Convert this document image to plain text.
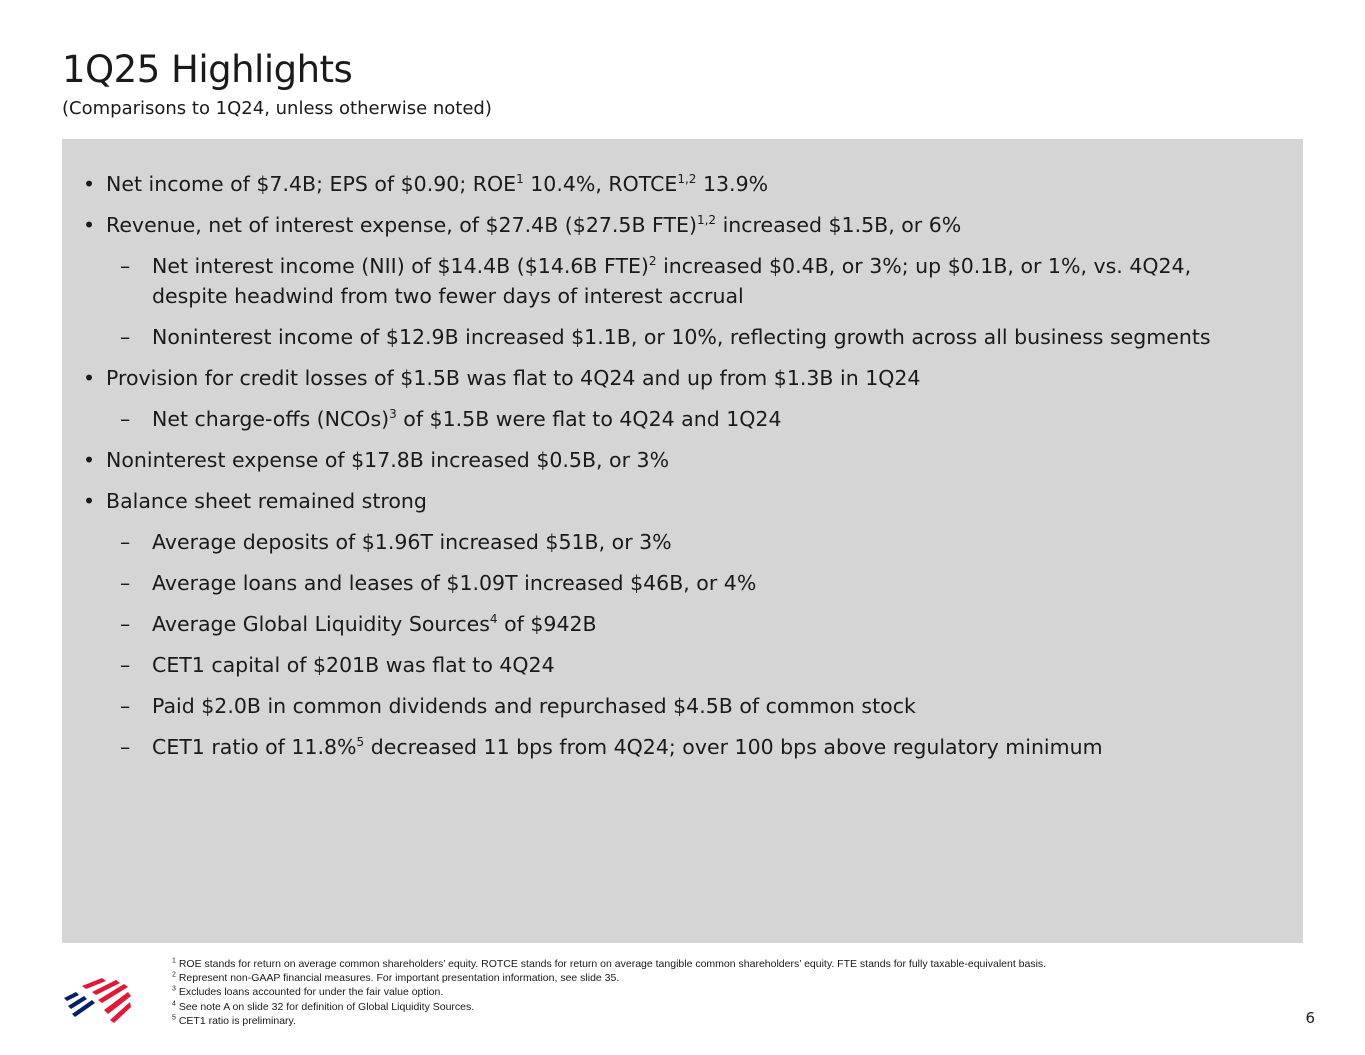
1Q25 Highlights
(Comparisons to 1Q24, unless otherwise noted)
• Net income of $7.4B; EPS of $0.90; ROE$^1$ 10.4%, ROTCE$^{1,2}$ 13.9%
• Revenue, net of interest expense, of $27.4B ($27.5B FTE)$^{1,2}$ increased $1.5B, or 6%
– Net interest income (NII) of $14.4B ($14.6B FTE)$^2$ increased $0.4B, or 3%; up $0.1B, or 1%, vs. 4Q24, despite headwind from two fewer days of interest accrual
– Noninterest income of $12.9B increased $1.1B, or 10%, reflecting growth across all business segments
• Provision for credit losses of $1.5B was flat to 4Q24 and up from $1.3B in 1Q24
– Net charge-offs (NCOs)$^3$ of $1.5B were flat to 4Q24 and 1Q24
• Noninterest expense of $17.8B increased $0.5B, or 3%
• Balance sheet remained strong
– Average deposits of $1.96T increased $51B, or 3%
– Average loans and leases of $1.09T increased $46B, or 4%
– Average Global Liquidity Sources$^4$ of $942B
– CET1 capital of $201B was flat to 4Q24
– Paid $2.0B in common dividends and repurchased $4.5B of common stock
– CET1 ratio of 11.8%$^5$ decreased 11 bps from 4Q24; over 100 bps above regulatory minimum
$^1$ ROE stands for return on average common shareholders’ equity. ROTCE stands for return on average tangible common shareholders’ equity. FTE stands for fully taxable-equivalent basis.
$^2$ Represent non-GAAP financial measures. For important presentation information, see slide 35.
$^3$ Excludes loans accounted for under the fair value option.
$^4$ See note A on slide 32 for definition of Global Liquidity Sources.
$^5$ CET1 ratio is preliminary.	6
